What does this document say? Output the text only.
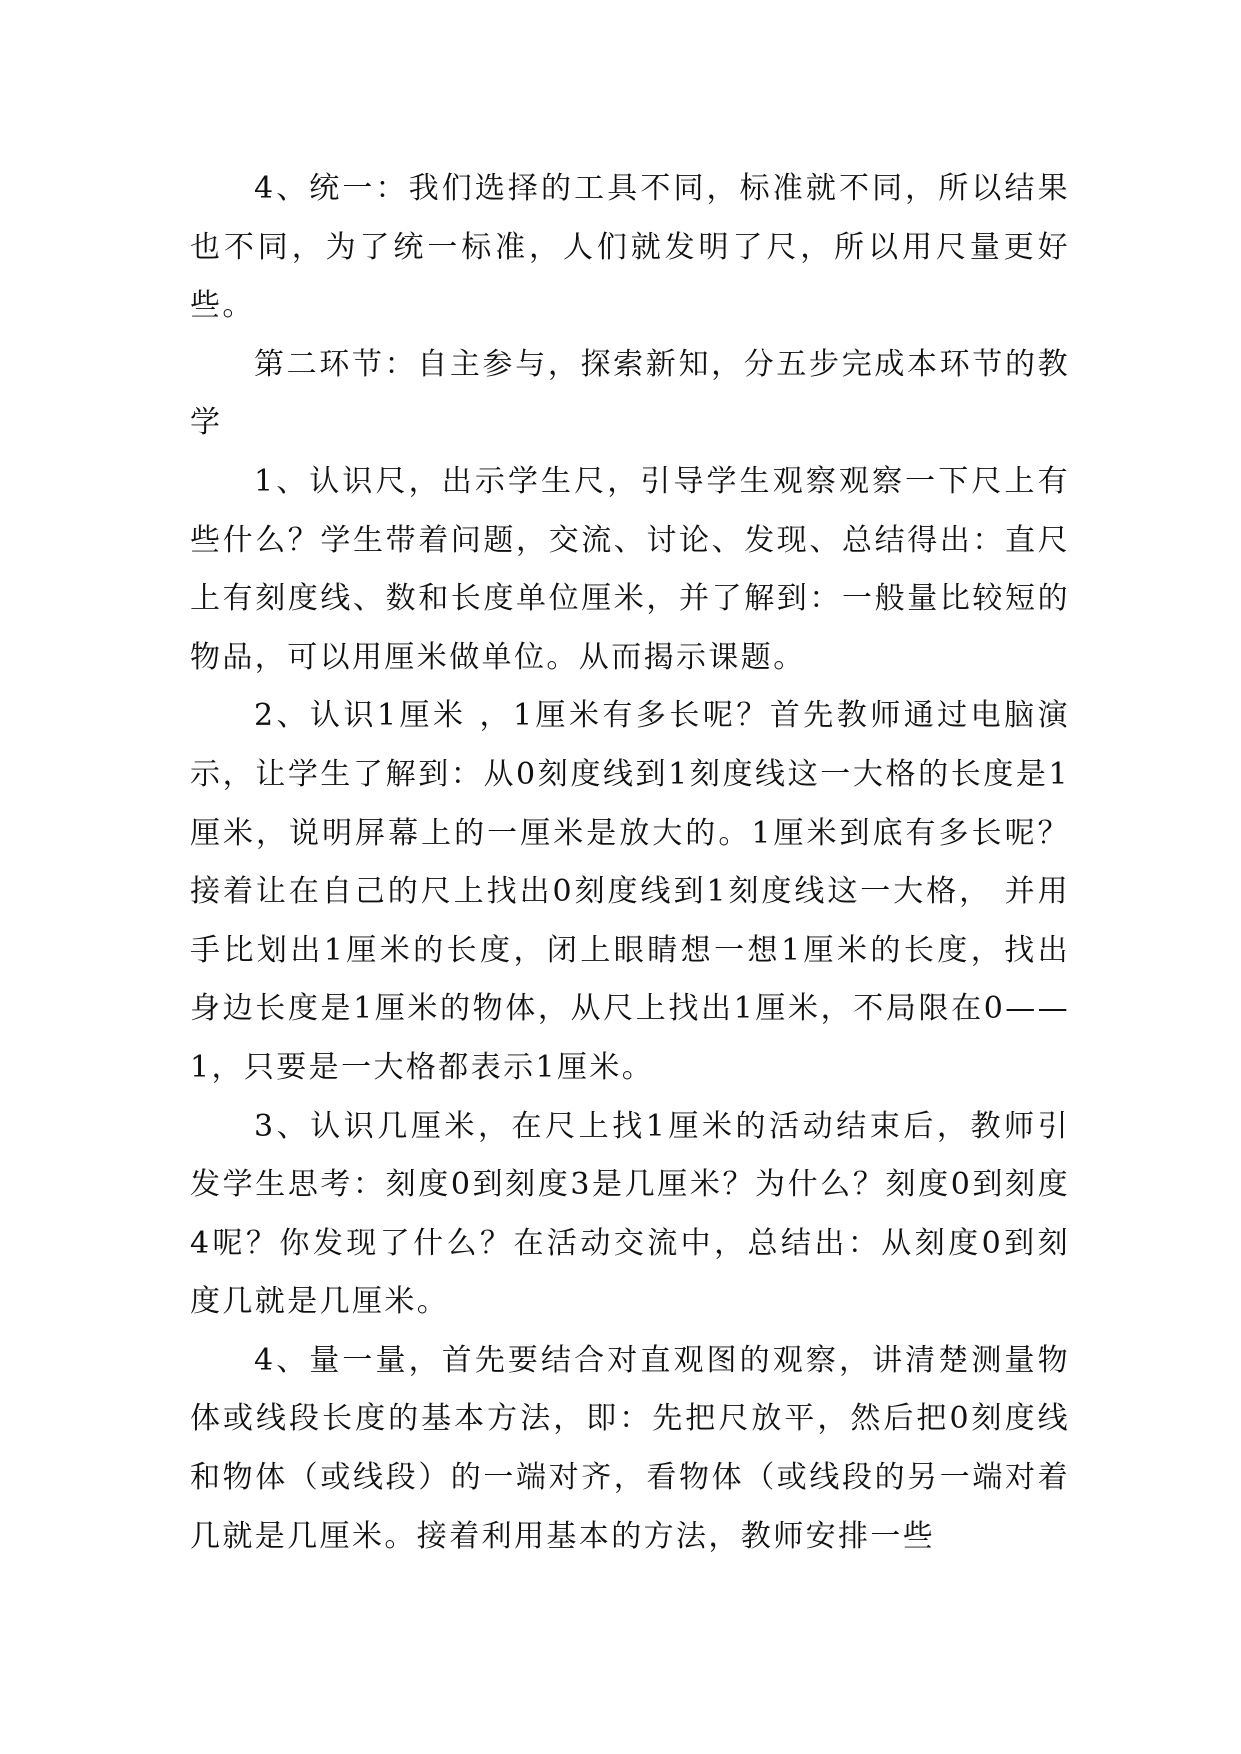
4、统一：我们选择的工具不同，标准就不同，所以结果也不同，为了统一标准，人们就发明了尺，所以用尺量更好些。

第二环节：自主参与，探索新知，分五步完成本环节的教学

1、认识尺，出示学生尺，引导学生观察观察一下尺上有些什么？学生带着问题，交流、讨论、发现、总结得出：直尺上有刻度线、数和长度单位厘米，并了解到：一般量比较短的物品，可以用厘米做单位。从而揭示课题。

2、认识1厘米 ，1厘米有多长呢？首先教师通过电脑演示，让学生了解到：从0刻度线到1刻度线这一大格的长度是1厘米，说明屏幕上的一厘米是放大的。1厘米到底有多长呢？接着让在自己的尺上找出0刻度线到1刻度线这一大格， 并用手比划出1厘米的长度，闭上眼睛想一想1厘米的长度，找出身边长度是1厘米的物体，从尺上找出1厘米，不局限在0——1，只要是一大格都表示1厘米。

3、认识几厘米，在尺上找1厘米的活动结束后，教师引发学生思考：刻度0到刻度3是几厘米？为什么？刻度0到刻度4呢？你发现了什么？在活动交流中，总结出：从刻度0到刻度几就是几厘米。

4、量一量，首先要结合对直观图的观察，讲清楚测量物体或线段长度的基本方法，即：先把尺放平，然后把0刻度线和物体（或线段）的一端对齐，看物体（或线段的另一端对着几就是几厘米。接着利用基本的方法，教师安排一些
